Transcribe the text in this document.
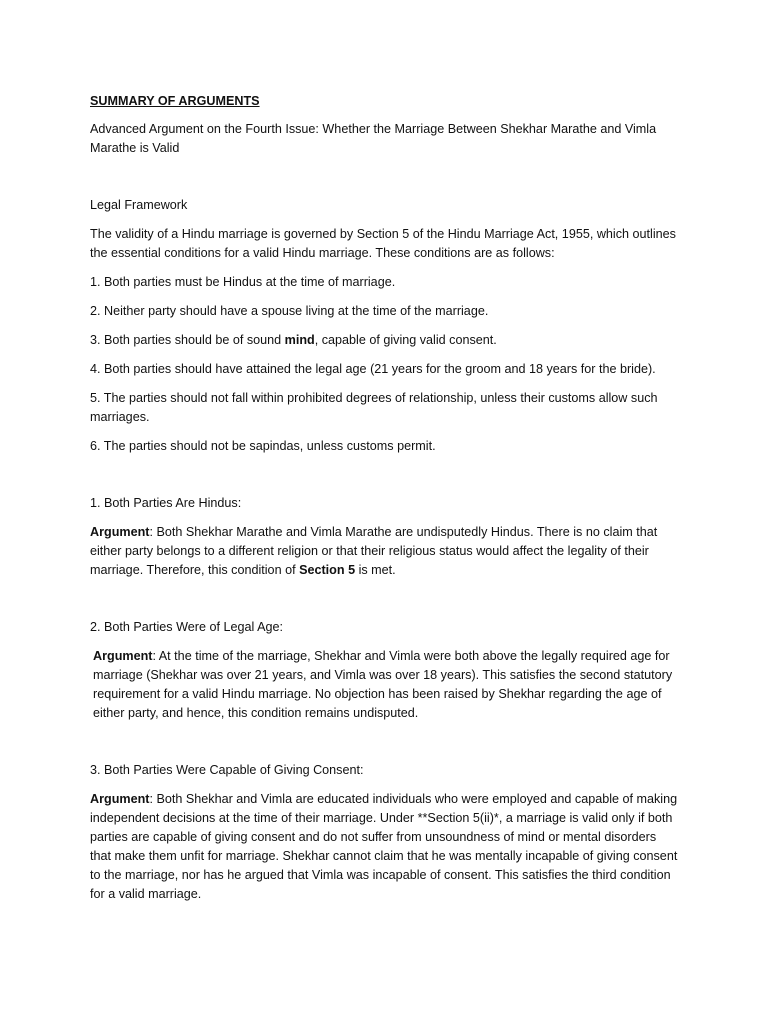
SUMMARY OF ARGUMENTS

Advanced Argument on the Fourth Issue: Whether the Marriage Between Shekhar Marathe and Vimla Marathe is Valid

Legal Framework

The validity of a Hindu marriage is governed by Section 5 of the Hindu Marriage Act, 1955, which outlines the essential conditions for a valid Hindu marriage. These conditions are as follows:

1. Both parties must be Hindus at the time of marriage.

2. Neither party should have a spouse living at the time of the marriage.

3. Both parties should be of sound mind, capable of giving valid consent.

4. Both parties should have attained the legal age (21 years for the groom and 18 years for the bride).

5. The parties should not fall within prohibited degrees of relationship, unless their customs allow such marriages.

6. The parties should not be sapindas, unless customs permit.

1. Both Parties Are Hindus:

Argument: Both Shekhar Marathe and Vimla Marathe are undisputedly Hindus. There is no claim that either party belongs to a different religion or that their religious status would affect the legality of their marriage. Therefore, this condition of Section 5 is met.

2. Both Parties Were of Legal Age:

Argument: At the time of the marriage, Shekhar and Vimla were both above the legally required age for marriage (Shekhar was over 21 years, and Vimla was over 18 years). This satisfies the second statutory requirement for a valid Hindu marriage. No objection has been raised by Shekhar regarding the age of either party, and hence, this condition remains undisputed.

3. Both Parties Were Capable of Giving Consent:

Argument: Both Shekhar and Vimla are educated individuals who were employed and capable of making independent decisions at the time of their marriage. Under **Section 5(ii)*, a marriage is valid only if both parties are capable of giving consent and do not suffer from unsoundness of mind or mental disorders that make them unfit for marriage. Shekhar cannot claim that he was mentally incapable of giving consent to the marriage, nor has he argued that Vimla was incapable of consent. This satisfies the third condition for a valid marriage.
